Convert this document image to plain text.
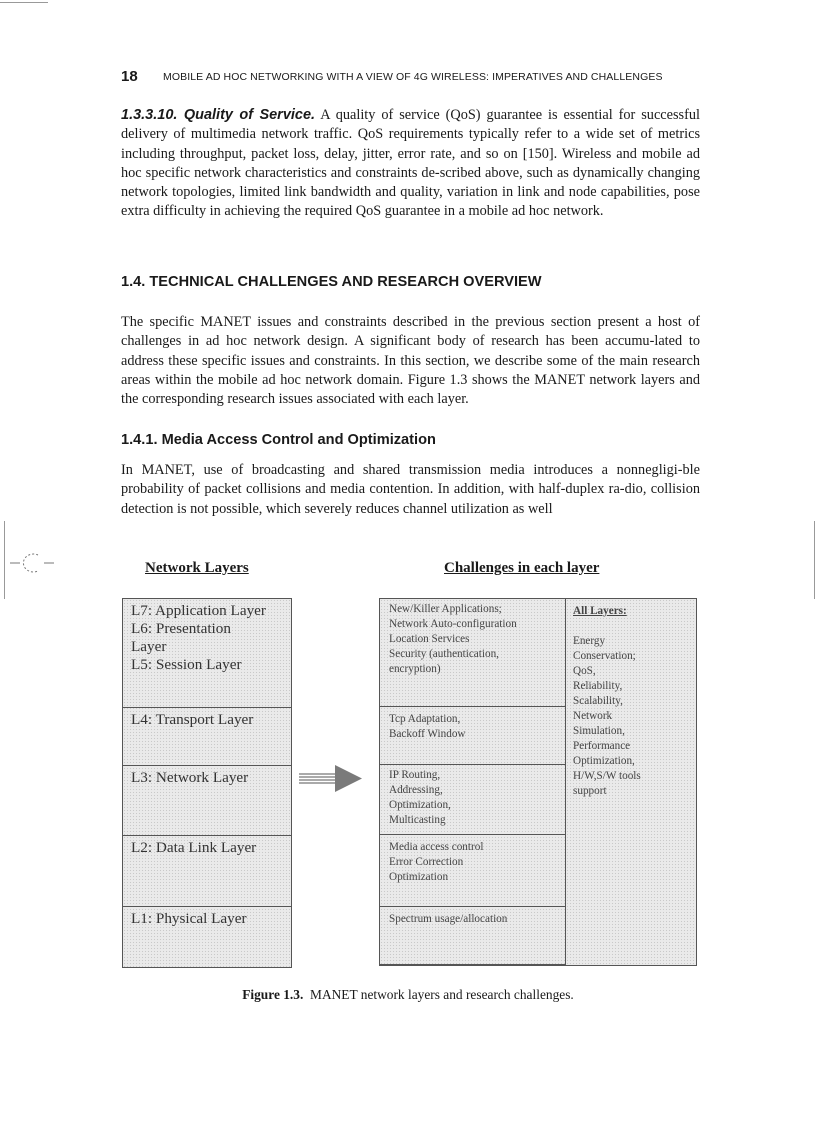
18 MOBILE AD HOC NETWORKING WITH A VIEW OF 4G WIRELESS: IMPERATIVES AND CHALLENGES

1.3.3.10. Quality of Service. A quality of service (QoS) guarantee is essential for successful delivery of multimedia network traffic. QoS requirements typically refer to a wide set of metrics including throughput, packet loss, delay, jitter, error rate, and so on [150]. Wireless and mobile ad hoc specific network characteristics and constraints de-scribed above, such as dynamically changing network topologies, limited link bandwidth and quality, variation in link and node capabilities, pose extra difficulty in achieving the required QoS guarantee in a mobile ad hoc network.

1.4. TECHNICAL CHALLENGES AND RESEARCH OVERVIEW

The specific MANET issues and constraints described in the previous section present a host of challenges in ad hoc network design. A significant body of research has been accumu-lated to address these specific issues and constraints. In this section, we describe some of the main research areas within the mobile ad hoc network domain. Figure 1.3 shows the MANET network layers and the corresponding research issues associated with each layer.

1.4.1. Media Access Control and Optimization

In MANET, use of broadcasting and shared transmission media introduces a nonnegligi-ble probability of packet collisions and media contention. In addition, with half-duplex ra-dio, collision detection is not possible, which severely reduces channel utilization as well

Network Layers	Challenges in each layer
L7: Application Layer
L6: Presentation
Layer
L5: Session Layer
L4: Transport Layer
L3: Network Layer
L2: Data Link Layer
L1: Physical Layer
New/Killer Applications;
Network Auto-configuration
Location Services
Security (authentication,
encryption)
Tcp Adaptation,
Backoff Window
IP Routing,
Addressing,
Optimization,
Multicasting
Media access control
Error Correction
Optimization
Spectrum usage/allocation
All Layers:
Energy
Conservation;
QoS,
Reliability,
Scalability,
Network
Simulation,
Performance
Optimization,
H/W,S/W tools
support
Figure 1.3. MANET network layers and research challenges.
